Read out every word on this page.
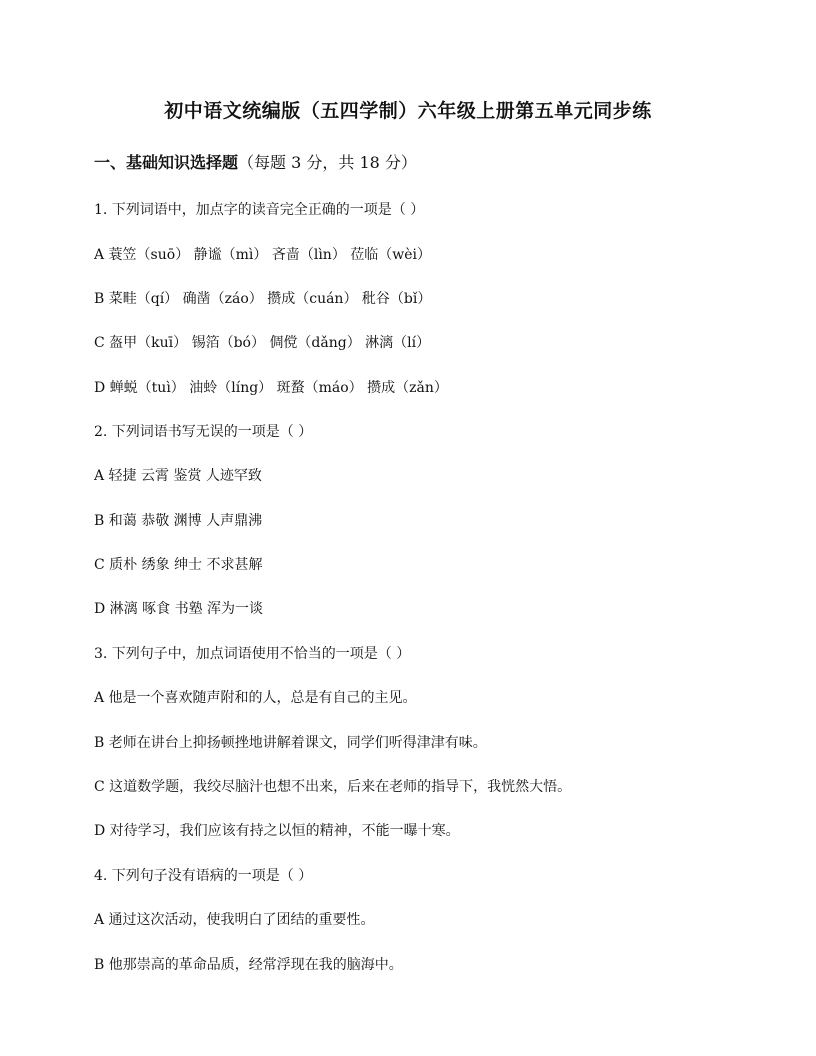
初中语文统编版（五四学制）六年级上册第五单元同步练
一、基础知识选择题（每题 3 分，共 18 分）
1. 下列词语中，加点字的读音完全正确的一项是（ ）
A 蓑笠（suō） 静谧（mì） 吝啬（lìn） 莅临（wèi）
B 菜畦（qí） 确凿（záo） 攒成（cuán） 秕谷（bǐ）
C 盔甲（kuī） 锡箔（bó） 倜傥（dǎng） 淋漓（lí）
D 蝉蜕（tuì） 油蛉（líng） 斑蝥（máo） 攒成（zǎn）
2. 下列词语书写无误的一项是（ ）
A 轻捷 云霄 鉴赏 人迹罕致
B 和蔼 恭敬 渊博 人声鼎沸
C 质朴 绣象 绅士 不求甚解
D 淋漓 啄食 书塾 浑为一谈
3. 下列句子中，加点词语使用不恰当的一项是（ ）
A 他是一个喜欢随声附和的人，总是有自己的主见。
B 老师在讲台上抑扬顿挫地讲解着课文，同学们听得津津有味。
C 这道数学题，我绞尽脑汁也想不出来，后来在老师的指导下，我恍然大悟。
D 对待学习，我们应该有持之以恒的精神，不能一曝十寒。
4. 下列句子没有语病的一项是（ ）
A 通过这次活动，使我明白了团结的重要性。
B 他那崇高的革命品质，经常浮现在我的脑海中。
